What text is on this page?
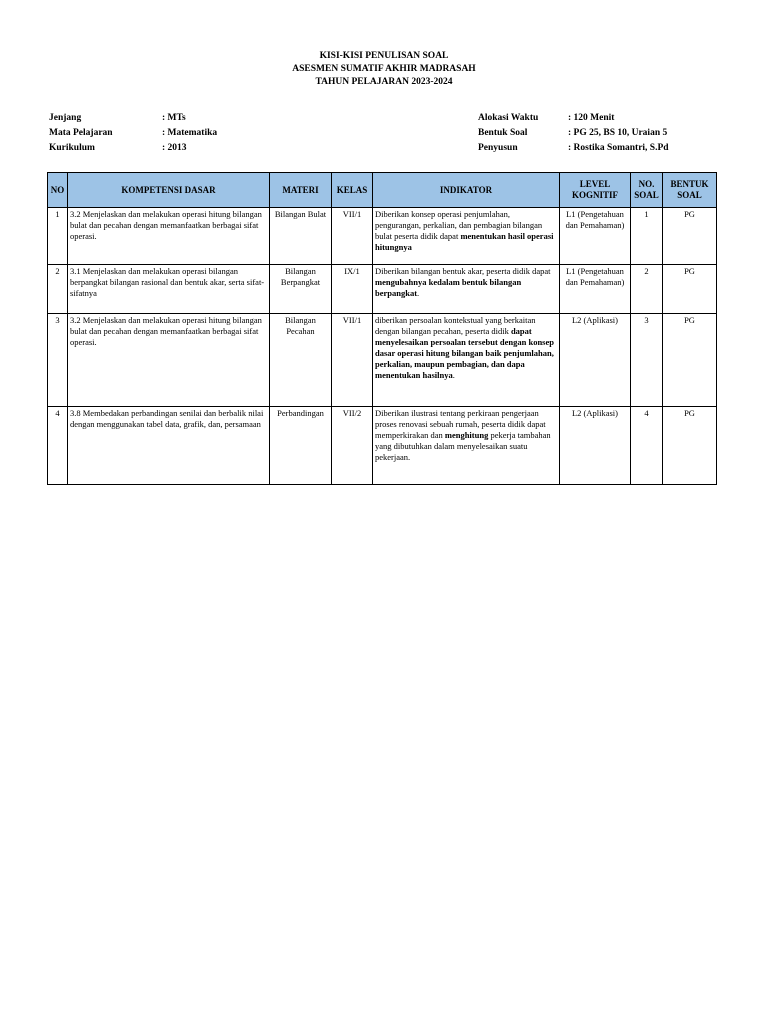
KISI-KISI PENULISAN SOAL
ASESMEN SUMATIF AKHIR MADRASAH
TAHUN PELAJARAN 2023-2024
Jenjang	: MTs
Mata Pelajaran	: Matematika
Kurikulum	: 2013
Alokasi Waktu	: 120 Menit
Bentuk Soal	: PG 25, BS 10, Uraian 5
Penyusun	: Rostika Somantri, S.Pd
NO	KOMPETENSI DASAR	MATERI	KELAS	INDIKATOR	LEVEL KOGNITIF	NO. SOAL	BENTUK SOAL
1	3.2 Menjelaskan dan melakukan operasi hitung bilangan bulat dan pecahan dengan memanfaatkan berbagai sifat operasi.	Bilangan Bulat	VII/1	Diberikan konsep operasi penjumlahan, pengurangan, perkalian, dan pembagian bilangan bulat peserta didik dapat menentukan hasil operasi hitungnya	L1 (Pengetahuan dan Pemahaman)	1	PG
2	3.1 Menjelaskan dan melakukan operasi bilangan berpangkat bilangan rasional dan bentuk akar, serta sifat-sifatnya	Bilangan Berpangkat	IX/1	Diberikan bilangan bentuk akar, peserta didik dapat mengubahnya kedalam bentuk bilangan berpangkat.	L1 (Pengetahuan dan Pemahaman)	2	PG
3	3.2 Menjelaskan dan melakukan operasi hitung bilangan bulat dan pecahan dengan memanfaatkan berbagai sifat operasi.	Bilangan Pecahan	VII/1	diberikan persoalan kontekstual yang berkaitan dengan bilangan pecahan, peserta didik dapat menyelesaikan persoalan tersebut dengan konsep dasar operasi hitung bilangan baik penjumlahan, perkalian, maupun pembagian, dan dapa menentukan hasilnya.	L2 (Aplikasi)	3	PG
4	3.8 Membedakan perbandingan senilai dan berbalik nilai dengan menggunakan tabel data, grafik, dan, persamaan	Perbandingan	VII/2	Diberikan ilustrasi tentang perkiraan pengerjaan proses renovasi sebuah rumah, peserta didik dapat memperkirakan dan menghitung pekerja tambahan yang dibutuhkan dalam menyelesaikan suatu pekerjaan.	L2 (Aplikasi)	4	PG
